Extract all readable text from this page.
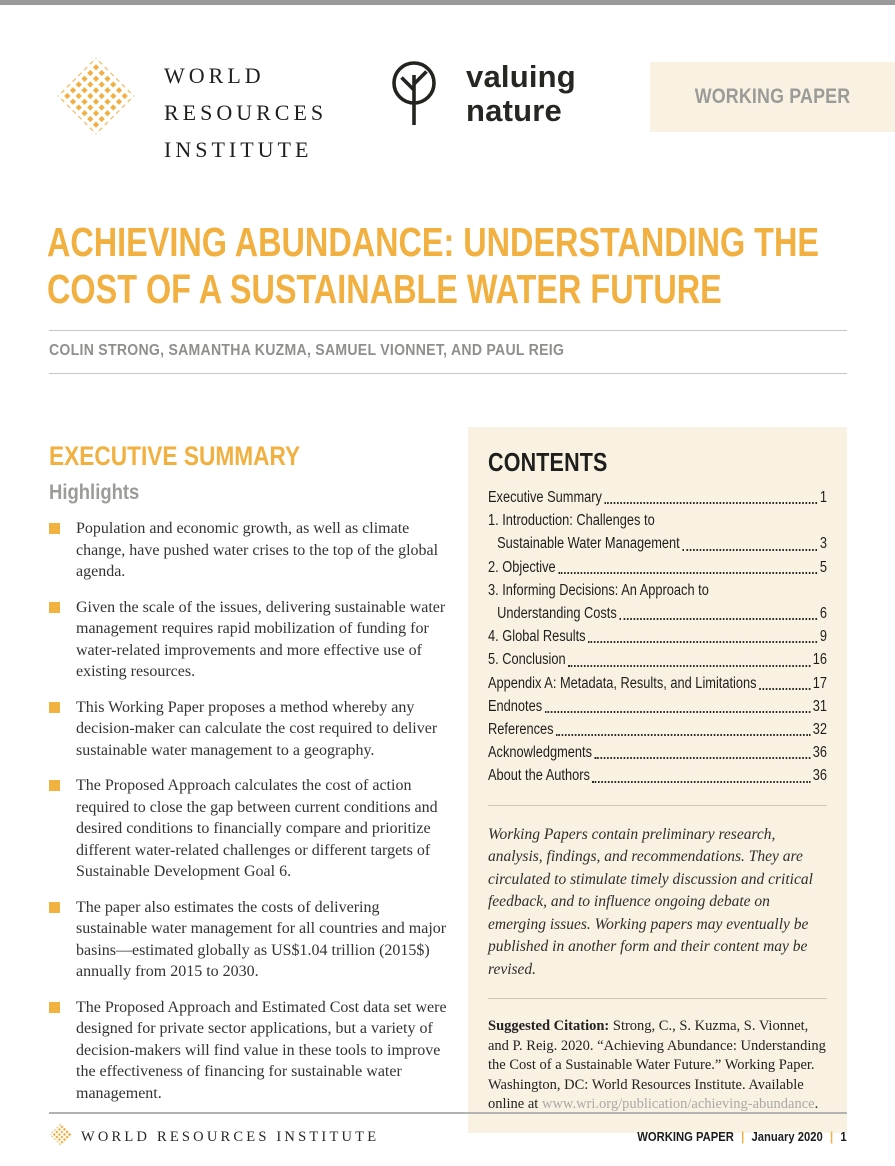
WORLD
RESOURCES
INSTITUTE
valuing
nature	WORKING PAPER
ACHIEVING ABUNDANCE: UNDERSTANDING THE
COST OF A SUSTAINABLE WATER FUTURE
COLIN STRONG, SAMANTHA KUZMA, SAMUEL VIONNET, AND PAUL REIG
EXECUTIVE SUMMARY
Highlights
Population and economic growth, as well as climate change, have pushed water crises to the top of the global agenda.
Given the scale of the issues, delivering sustainable water management requires rapid mobilization of funding for water-related improvements and more effective use of existing resources.
This Working Paper proposes a method whereby any decision-maker can calculate the cost required to deliver sustainable water management to a geography.
The Proposed Approach calculates the cost of action required to close the gap between current conditions and desired conditions to financially compare and prioritize different water-related challenges or different targets of Sustainable Development Goal 6.
The paper also estimates the costs of delivering sustainable water management for all countries and major basins—estimated globally as US$1.04 trillion (2015$) annually from 2015 to 2030.
The Proposed Approach and Estimated Cost data set were designed for private sector applications, but a variety of decision-makers will find value in these tools to improve the effectiveness of financing for sustainable water management.
CONTENTS
Executive Summary	1
1. Introduction: Challenges to
Sustainable Water Management	3
2. Objective	5
3. Informing Decisions: An Approach to
Understanding Costs	6
4. Global Results	9
5. Conclusion	16
Appendix A: Metadata, Results, and Limitations	17
Endnotes	31
References	32
Acknowledgments	36
About the Authors	36
Working Papers contain preliminary research, analysis, findings, and recommendations. They are circulated to stimulate timely discussion and critical feedback, and to influence ongoing debate on emerging issues. Working papers may eventually be published in another form and their content may be revised.
Suggested Citation: Strong, C., S. Kuzma, S. Vionnet, and P. Reig. 2020. “Achieving Abundance: Understanding the Cost of a Sustainable Water Future.” Working Paper. Washington, DC: World Resources Institute. Available online at www.wri.org/publication/achieving-abundance.
WORLD RESOURCES INSTITUTE	WORKING PAPER | January 2020 | 1
